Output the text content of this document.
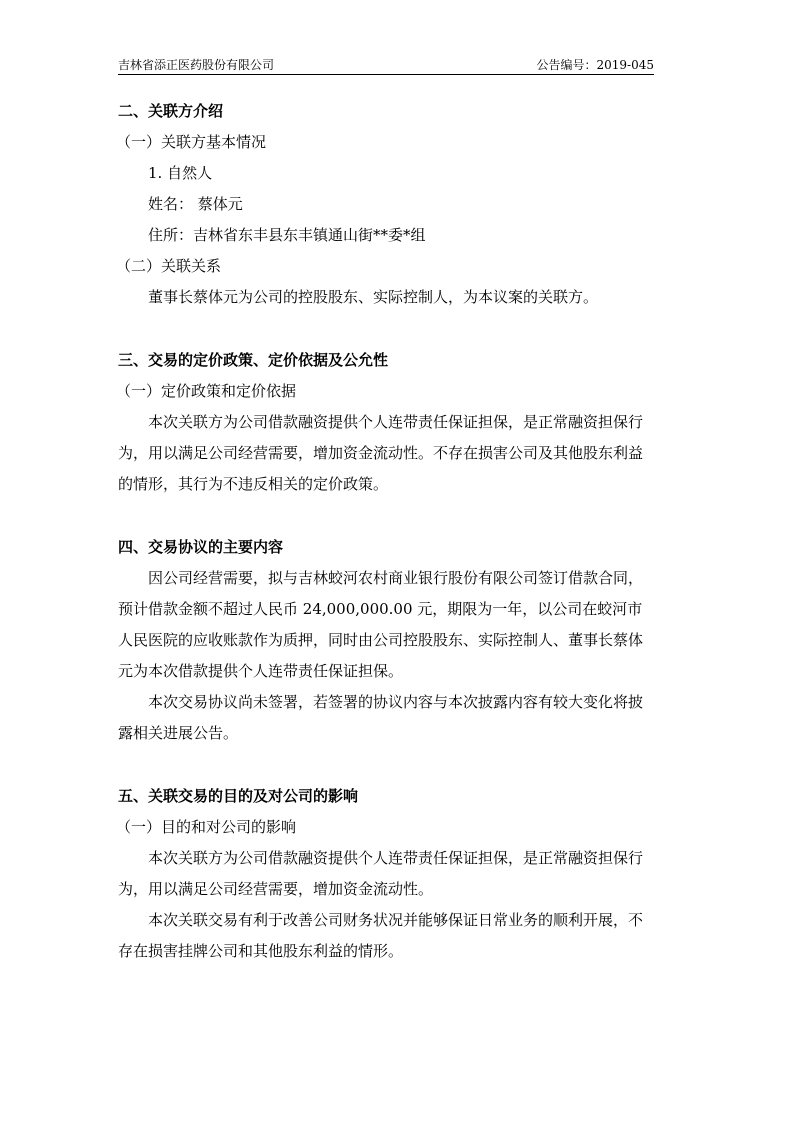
吉林省添正医药股份有限公司	公告编号：2019-045

二、关联方介绍

（一）关联方基本情况

1. 自然人

姓名： 蔡体元

住所：吉林省东丰县东丰镇通山街**委*组

（二）关联关系

董事长蔡体元为公司的控股股东、实际控制人，为本议案的关联方。

三、交易的定价政策、定价依据及公允性

（一）定价政策和定价依据

本次关联方为公司借款融资提供个人连带责任保证担保，是正常融资担保行

为，用以满足公司经营需要，增加资金流动性。不存在损害公司及其他股东利益

的情形，其行为不违反相关的定价政策。

四、交易协议的主要内容

因公司经营需要，拟与吉林蛟河农村商业银行股份有限公司签订借款合同，

预计借款金额不超过人民币 24,000,000.00 元，期限为一年，以公司在蛟河市

人民医院的应收账款作为质押，同时由公司控股股东、实际控制人、董事长蔡体

元为本次借款提供个人连带责任保证担保。

本次交易协议尚未签署，若签署的协议内容与本次披露内容有较大变化将披

露相关进展公告。

五、关联交易的目的及对公司的影响

（一）目的和对公司的影响

本次关联方为公司借款融资提供个人连带责任保证担保，是正常融资担保行

为，用以满足公司经营需要，增加资金流动性。

本次关联交易有利于改善公司财务状况并能够保证日常业务的顺利开展，不

存在损害挂牌公司和其他股东利益的情形。
